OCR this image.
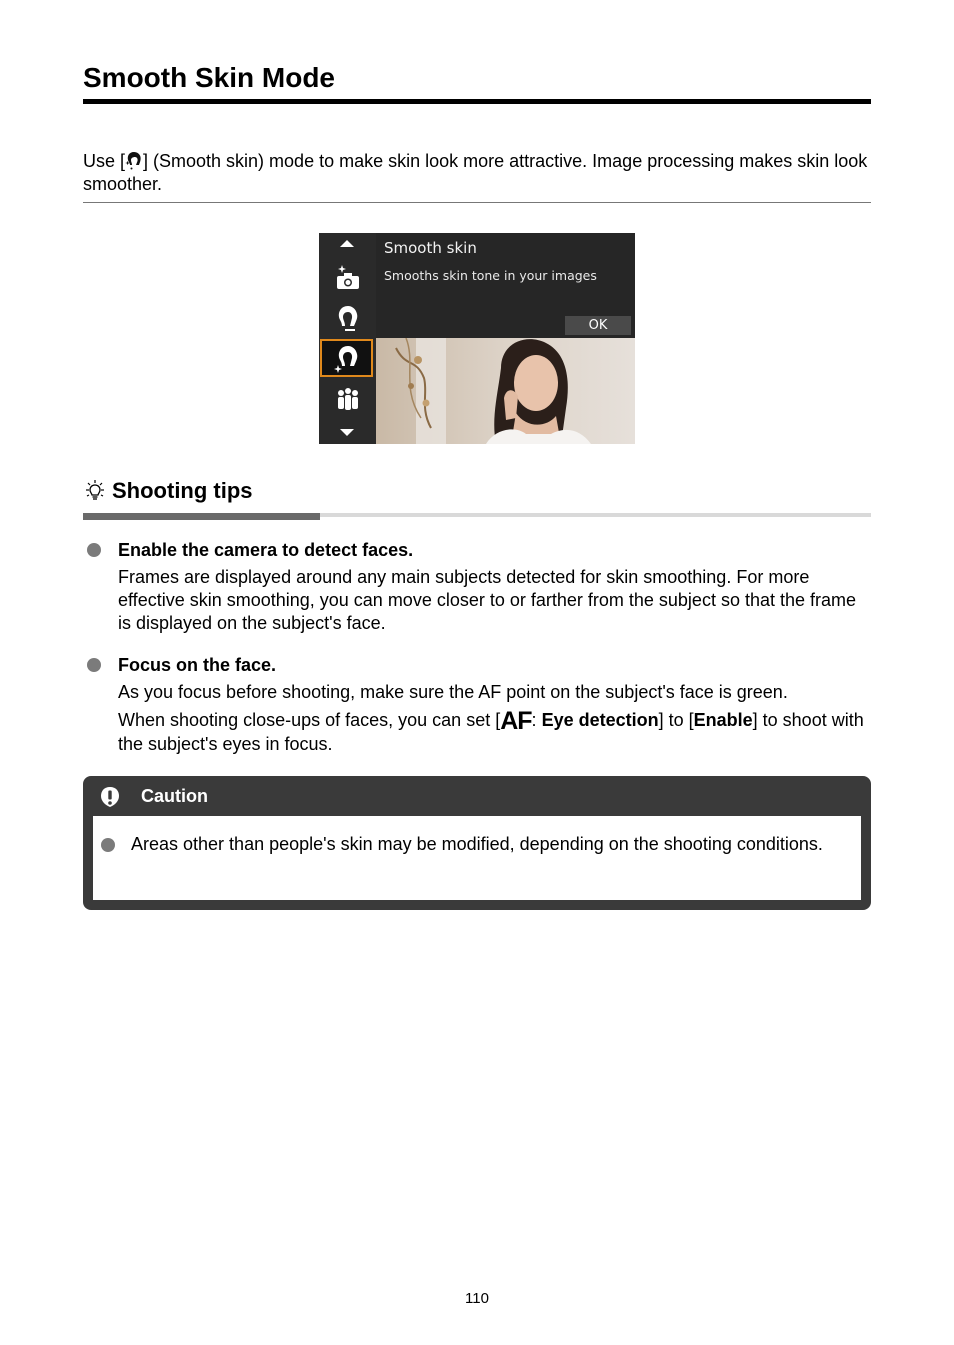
Smooth Skin Mode
Use [ ] (Smooth skin) mode to make skin look more attractive. Image processing makes skin look smoother.
Smooth skin
Smooths skin tone in your images
OK
Shooting tips
Enable the camera to detect faces.
Frames are displayed around any main subjects detected for skin smoothing. For more effective skin smoothing, you can move closer to or farther from the subject so that the frame is displayed on the subject's face.
Focus on the face.
As you focus before shooting, make sure the AF point on the subject's face is green.
When shooting close-ups of faces, you can set [AF: Eye detection] to [Enable] to shoot with the subject's eyes in focus.
Caution
Areas other than people's skin may be modified, depending on the shooting conditions.
110
